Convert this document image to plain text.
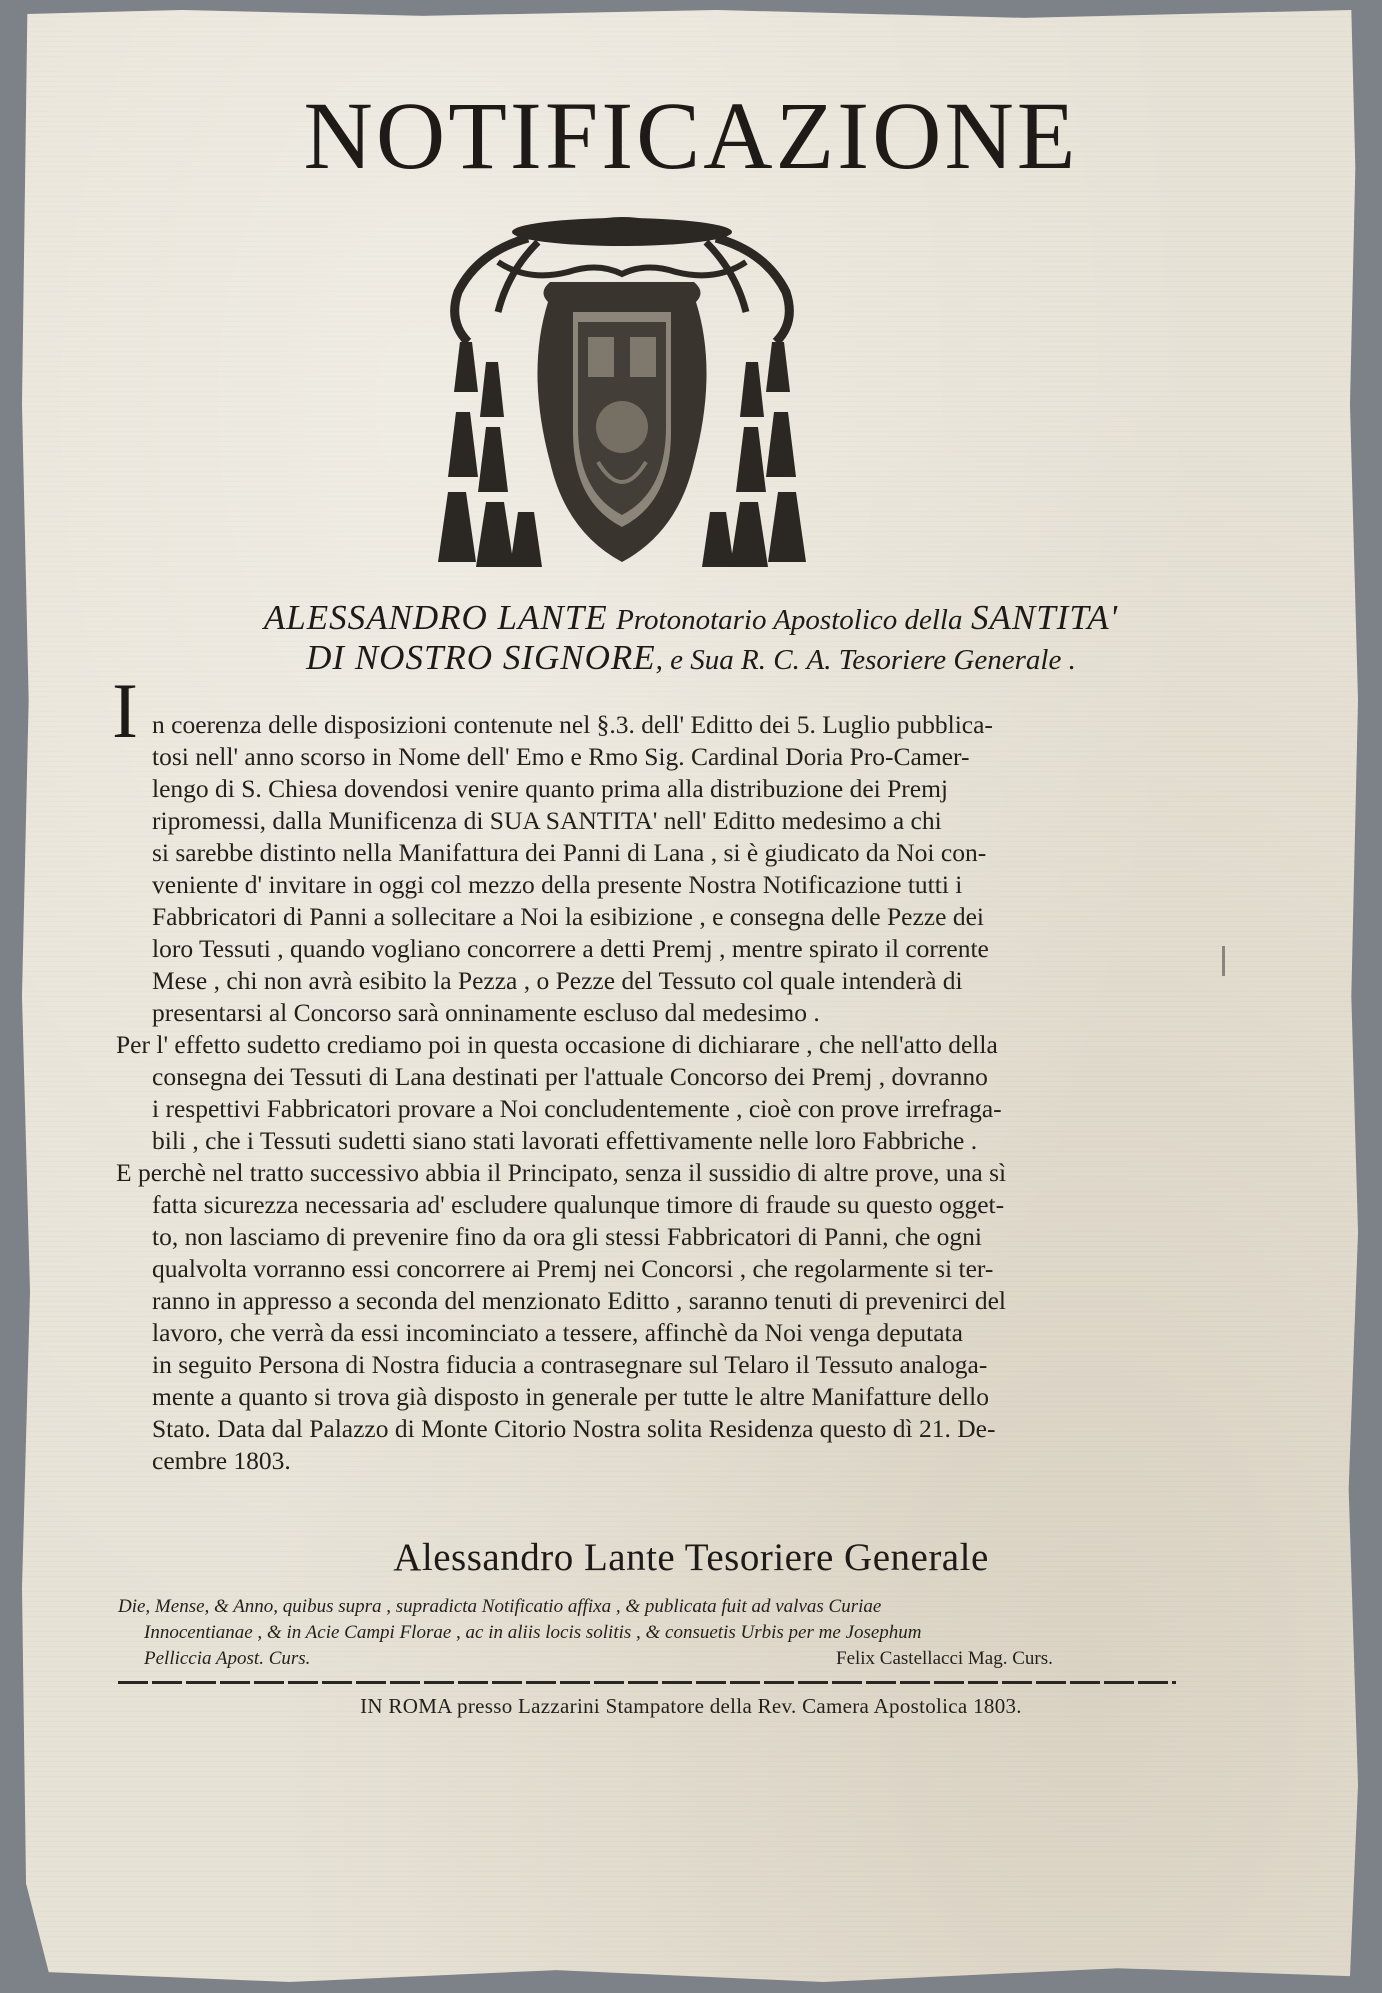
NOTIFICAZIONE
ALESSANDRO LANTE Protonotario Apostolico della SANTITA'
DI NOSTRO SIGNORE, e Sua R. C. A. Tesoriere Generale .
I n coerenza delle disposizioni contenute nel §.3. dell' Editto dei 5. Luglio pubblica-
tosi nell' anno scorso in Nome dell' Emo e Rmo Sig. Cardinal Doria Pro-Camer-
lengo di S. Chiesa dovendosi venire quanto prima alla distribuzione dei Premj
ripromessi, dalla Munificenza di SUA SANTITA' nell' Editto medesimo a chi
si sarebbe distinto nella Manifattura dei Panni di Lana , si è giudicato da Noi con-
veniente d' invitare in oggi col mezzo della presente Nostra Notificazione tutti i
Fabbricatori di Panni a sollecitare a Noi la esibizione , e consegna delle Pezze dei
loro Tessuti , quando vogliano concorrere a detti Premj , mentre spirato il corrente
Mese , chi non avrà esibito la Pezza , o Pezze del Tessuto col quale intenderà di
presentarsi al Concorso sarà onninamente escluso dal medesimo .
Per l' effetto sudetto crediamo poi in questa occasione di dichiarare , che nell'atto della
consegna dei Tessuti di Lana destinati per l'attuale Concorso dei Premj , dovranno
i respettivi Fabbricatori provare a Noi concludentemente , cioè con prove irrefraga-
bili , che i Tessuti sudetti siano stati lavorati effettivamente nelle loro Fabbriche .
E perchè nel tratto successivo abbia il Principato, senza il sussidio di altre prove, una sì
fatta sicurezza necessaria ad' escludere qualunque timore di fraude su questo ogget-
to, non lasciamo di prevenire fino da ora gli stessi Fabbricatori di Panni, che ogni
qualvolta vorranno essi concorrere ai Premj nei Concorsi , che regolarmente si ter-
ranno in appresso a seconda del menzionato Editto , saranno tenuti di prevenirci del
lavoro, che verrà da essi incominciato a tessere, affinchè da Noi venga deputata
in seguito Persona di Nostra fiducia a contrasegnare sul Telaro il Tessuto analoga-
mente a quanto si trova già disposto in generale per tutte le altre Manifatture dello
Stato. Data dal Palazzo di Monte Citorio Nostra solita Residenza questo dì 21. De-
cembre 1803.
Alessandro Lante Tesoriere Generale
Die, Mense, & Anno, quibus supra , supradicta Notificatio affixa , & publicata fuit ad valvas Curiae
Innocentianae , & in Acie Campi Florae , ac in aliis locis solitis , & consuetis Urbis per me Josephum
Pelliccia Apost. Curs.	Felix Castellacci Mag. Curs.
IN ROMA presso Lazzarini Stampatore della Rev. Camera Apostolica 1803.
